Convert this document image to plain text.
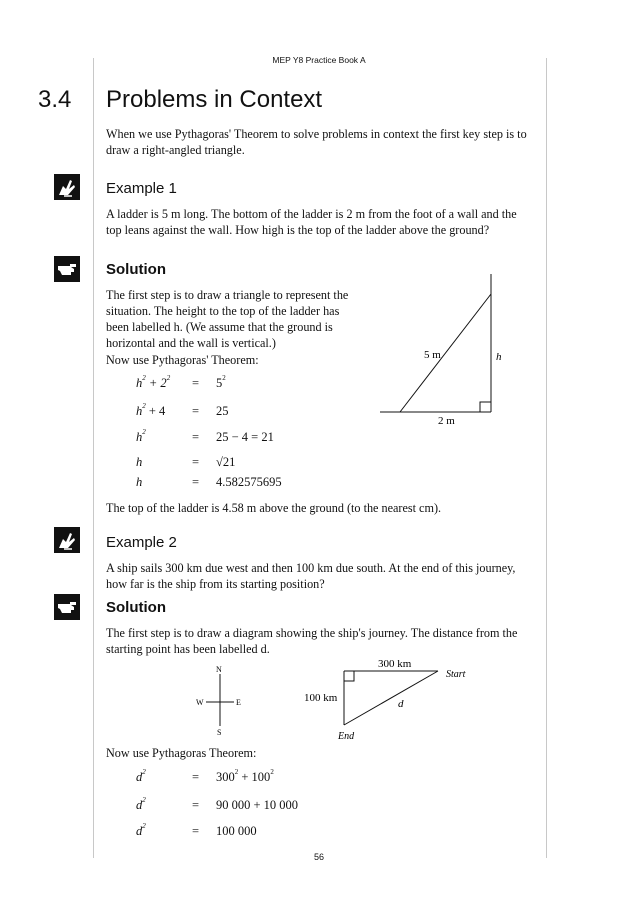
MEP Y8 Practice Book A
3.4 Problems in Context
When we use Pythagoras' Theorem to solve problems in context the first key step is to draw a right-angled triangle.
Example 1
A ladder is 5 m long. The bottom of the ladder is 2 m from the foot of a wall and the top leans against the wall. How high is the top of the ladder above the ground?
Solution
The first step is to draw a triangle to represent the situation. The height to the top of the ladder has been labelled h. (We assume that the ground is horizontal and the wall is vertical.)
Now use Pythagoras' Theorem:	5 m	h
2 m
$h^2 + 2^2 = 5^2$
$h^2 + 4 = 25$
$h^2$	= 25 − 4 = 21
h	= √21
h	= 4.582575695
The top of the ladder is 4.58 m above the ground (to the nearest cm).
Example 2
A ship sails 300 km due west and then 100 km due south. At the end of this journey, how far is the ship from its starting position?
Solution
The first step is to draw a diagram showing the ship's journey. The distance from the starting point has been labelled d.
N
S
W	E
300 km
100 km	d
Start
End
Now use Pythagoras Theorem:
$d^2$	= $300^2 + 100^2$
$d^2$	= 90 000 + 10 000
$d^2$	= 100 000
56
